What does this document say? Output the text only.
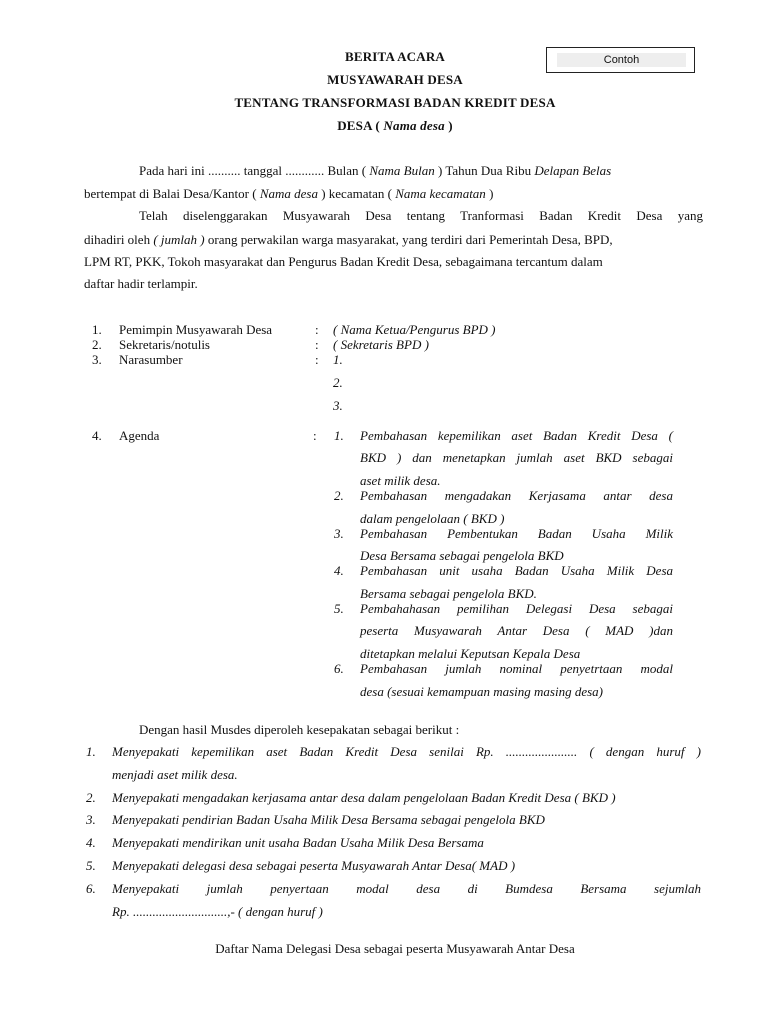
Contoh
BERITA ACARA
MUSYAWARAH DESA
TENTANG TRANSFORMASI BADAN KREDIT DESA
DESA ( Nama desa )
Pada hari ini .......... tanggal ............ Bulan ( Nama Bulan ) Tahun Dua Ribu Delapan Belas
bertempat di Balai Desa/Kantor ( Nama desa ) kecamatan ( Nama kecamatan )
Telah diselenggarakan Musyawarah Desa tentang Tranformasi Badan Kredit Desa yang
dihadiri oleh ( jumlah ) orang perwakilan warga masyarakat, yang terdiri dari Pemerintah Desa, BPD,
LPM RT, PKK, Tokoh masyarakat dan Pengurus Badan Kredit Desa, sebagaimana tercantum dalam
daftar hadir terlampir.
1. Pemimpin Musyawarah Desa	: ( Nama Ketua/Pengurus BPD )
2. Sekretaris/notulis	: ( Sekretaris BPD )
3. Narasumber	: 1.
2.
3.
4. Agenda	: 1. Pembahasan kepemilikan aset Badan Kredit Desa (
BKD ) dan menetapkan jumlah aset BKD sebagai
aset milik desa.
2. Pembahasan mengadakan Kerjasama antar desa
dalam pengelolaan ( BKD )
3. Pembahasan Pembentukan Badan Usaha Milik
Desa Bersama sebagai pengelola BKD
4. Pembahasan unit usaha Badan Usaha Milik Desa
Bersama sebagai pengelola BKD.
5. Pembahahasan pemilihan Delegasi Desa sebagai
peserta Musyawarah Antar Desa ( MAD )dan
ditetapkan melalui Keputsan Kepala Desa
6. Pembahasan jumlah nominal penyetrtaan modal
desa (sesuai kemampuan masing masing desa)
Dengan hasil Musdes diperoleh kesepakatan sebagai berikut :
1. Menyepakati kepemilikan aset Badan Kredit Desa senilai Rp. ...................... ( dengan huruf )
menjadi aset milik desa.
2. Menyepakati mengadakan kerjasama antar desa dalam pengelolaan Badan Kredit Desa ( BKD )
3. Menyepakati pendirian Badan Usaha Milik Desa Bersama sebagai pengelola BKD
4. Menyepakati mendirikan unit usaha Badan Usaha Milik Desa Bersama
5. Menyepakati delegasi desa sebagai peserta Musyawarah Antar Desa( MAD )
6. Menyepakati jumlah penyertaan modal desa di Bumdesa Bersama sejumlah
Rp. .............................,- ( dengan huruf )
Daftar Nama Delegasi Desa sebagai peserta Musyawarah Antar Desa
